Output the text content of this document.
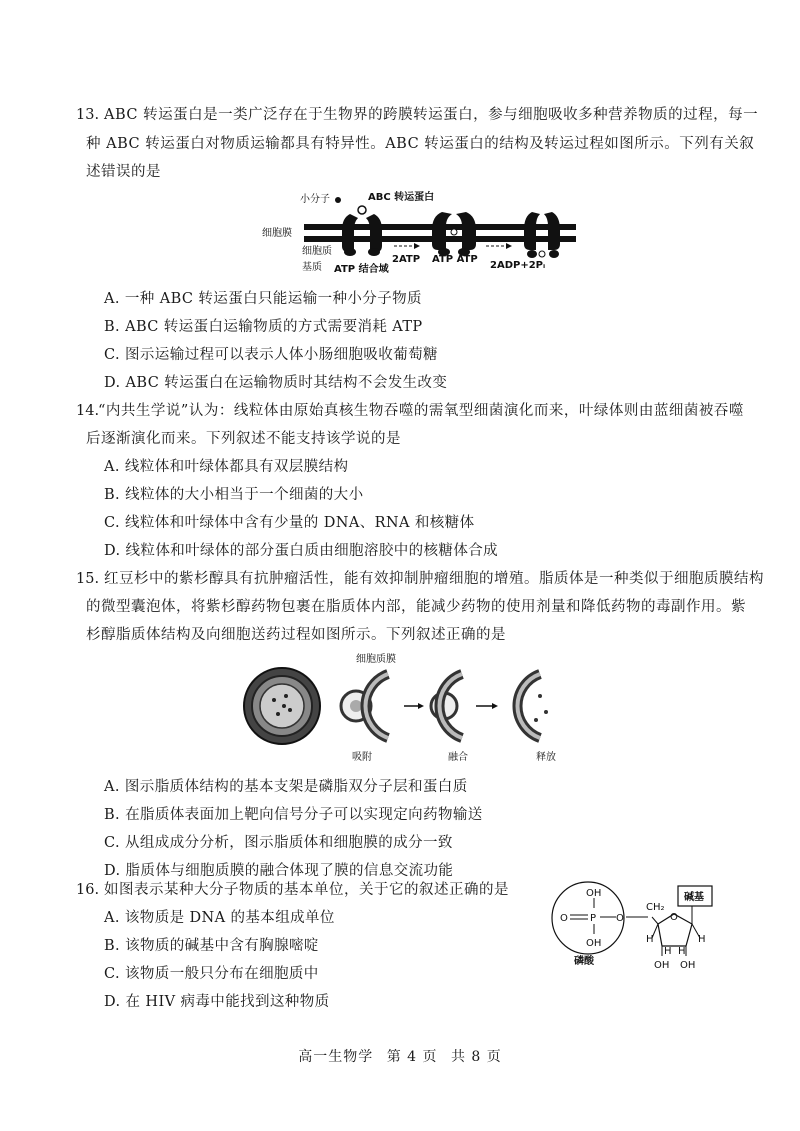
13. ABC 转运蛋白是一类广泛存在于生物界的跨膜转运蛋白，参与细胞吸收多种营养物质的过程，每一
种 ABC 转运蛋白对物质运输都具有特异性。ABC 转运蛋白的结构及转运过程如图所示。下列有关叙
述错误的是
小分子	ABC 转运蛋白
细胞膜
细胞质
基质 ATP 结合域
2ATP ATP ATP
2ADP+2Pᵢ
A. 一种 ABC 转运蛋白只能运输一种小分子物质
B. ABC 转运蛋白运输物质的方式需要消耗 ATP
C. 图示运输过程可以表示人体小肠细胞吸收葡萄糖
D. ABC 转运蛋白在运输物质时其结构不会发生改变
14.
“内共生学说”认为：线粒体由原始真核生物吞噬的需氧型细菌演化而来，叶绿体则由蓝细菌被吞噬
后逐渐演化而来。下列叙述不能支持该学说的是
A. 线粒体和叶绿体都具有双层膜结构
B. 线粒体的大小相当于一个细菌的大小
C. 线粒体和叶绿体中含有少量的 DNA、RNA 和核糖体
D. 线粒体和叶绿体的部分蛋白质由细胞溶胶中的核糖体合成
15. 红豆杉中的紫杉醇具有抗肿瘤活性，能有效抑制肿瘤细胞的增殖。脂质体是一种类似于细胞质膜结构
的微型囊泡体，将紫杉醇药物包裹在脂质体内部，能减少药物的使用剂量和降低药物的毒副作用。紫
杉醇脂质体结构及向细胞送药过程如图所示。下列叙述正确的是
细胞质膜
吸附	融合	释放
A. 图示脂质体结构的基本支架是磷脂双分子层和蛋白质
B. 在脂质体表面加上靶向信号分子可以实现定向药物输送
C. 从组成成分分析，图示脂质体和细胞膜的成分一致
D. 脂质体与细胞质膜的融合体现了膜的信息交流功能
16. 如图表示某种大分子物质的基本单位，关于它的叙述正确的是
A. 该物质是 DNA 的基本组成单位
B. 该物质的碱基中含有胸腺嘧啶
C. 该物质一般只分布在细胞质中
D. 在 HIV 病毒中能找到这种物质
OH
OH
O P O
CH₂
O
碱基
磷酸
H	H
H H
OH OH
高一生物学 第 4 页 共 8 页
